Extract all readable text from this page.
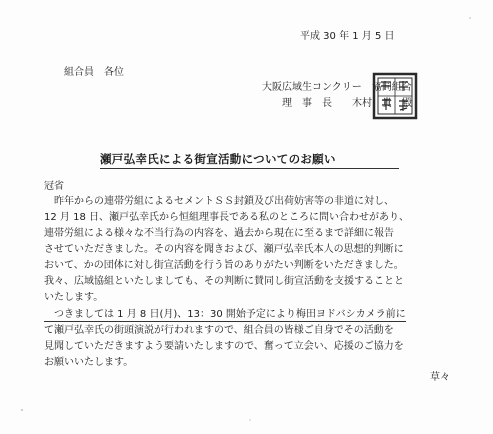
平成 30 年 1 月 5 日
組合員　各位
大阪広域生コンクリー　協同組合
理　事　長　　木村　貴　殿
瀬戸弘幸氏による街宣活動についてのお願い
冠省
　昨年からの連帯労組によるセメントＳＳ封鎖及び出荷妨害等の非道に対し、
12 月 18 日、瀬戸弘幸氏から恒組理事長である私のところに問い合わせがあり、
連帯労組による様々な不当行為の内容を、過去から現在に至るまで詳細に報告
させていただきました。その内容を聞きおよび、瀬戸弘幸氏本人の思想的判断に
おいて、かの団体に対し街宣活動を行う旨のありがたい判断をいただきました。
我々、広域協組といたしましても、その判断に賛同し街宣活動を支援することと
いたします。
　つきましては 1 月 8 日(月)、13：30 開始予定により梅田ヨドバシカメラ前に
て瀬戸弘幸氏の街頭演説が行われますので、組合員の皆様ご自身でその活動を
見聞していただきますよう要請いたしますので、奮って立会い、応援のご協力を
お願いいたします。
草々
